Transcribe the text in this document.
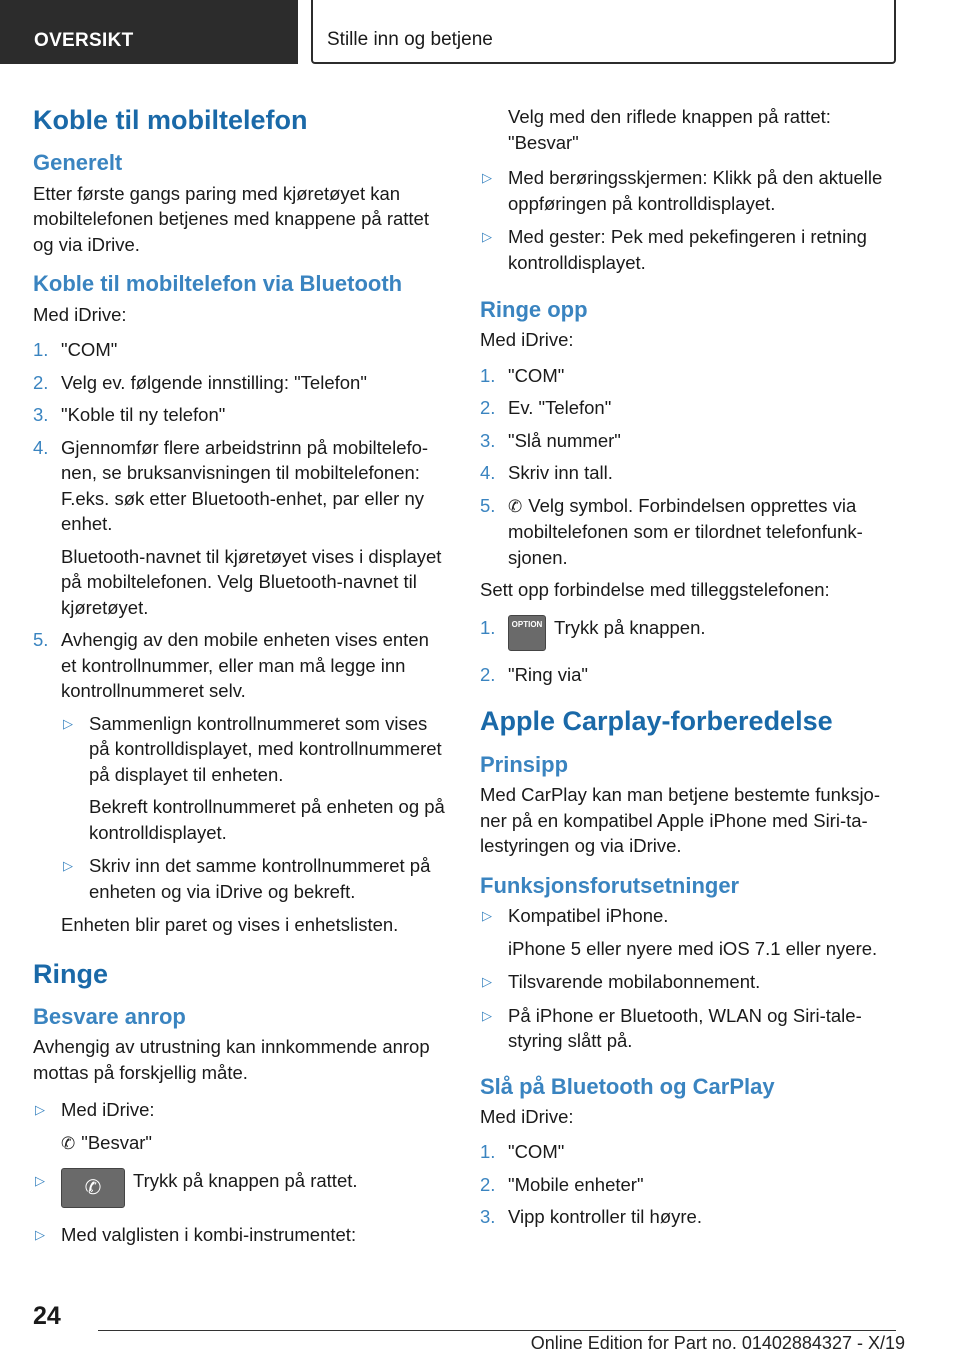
OVERSIKT	Stille inn og betjene
Koble til mobiltelefon
Generelt
Etter første gangs paring med kjøretøyet kan mobiltelefonen betjenes med knappene på rattet og via iDrive.
Koble til mobiltelefon via Bluetooth
Med iDrive:
1. "COM"
2. Velg ev. følgende innstilling: "Telefon"
3. "Koble til ny telefon"
4. Gjennomfør flere arbeidstrinn på mobiltelefonen, se bruksanvisningen til mobiltelefonen: F.eks. søk etter Bluetooth-enhet, par eller ny enhet.
Bluetooth-navnet til kjøretøyet vises i displayet på mobiltelefonen. Velg Bluetooth-navnet til kjøretøyet.
5. Avhengig av den mobile enheten vises enten et kontrollnummer, eller man må legge inn kontrollnummeret selv.
▷ Sammenlign kontrollnummeret som vises på kontrolldisplayet, med kontrollnummeret på displayet til enheten.
Bekreft kontrollnummeret på enheten og på kontrolldisplayet.
▷ Skriv inn det samme kontrollnummeret på enheten og via iDrive og bekreft.
Enheten blir paret og vises i enhetslisten.
Ringe
Besvare anrop
Avhengig av utrustning kan innkommende anrop mottas på forskjellig måte.
▷ Med iDrive:
✆ "Besvar"
▷ ✆ Trykk på knappen på rattet.
▷ Med valglisten i kombi-instrumentet:
Velg med den riflede knappen på rattet: "Besvar"
▷ Med berøringsskjermen: Klikk på den aktuelle oppføringen på kontrolldisplayet.
▷ Med gester: Pek med pekefingeren i retning kontrolldisplayet.
Ringe opp
Med iDrive:
1. "COM"
2. Ev. "Telefon"
3. "Slå nummer"
4. Skriv inn tall.
5. ✆ Velg symbol. Forbindelsen opprettes via mobiltelefonen som er tilordnet telefonfunksjonen.
Sett opp forbindelse med tilleggstelefonen:
1. OPTION Trykk på knappen.
2. "Ring via"
Apple Carplay-forberedelse
Prinsipp
Med CarPlay kan man betjene bestemte funksjoner på en kompatibel Apple iPhone med Siri-talestyringen og via iDrive.
Funksjonsforutsetninger
▷ Kompatibel iPhone.
iPhone 5 eller nyere med iOS 7.1 eller nyere.
▷ Tilsvarende mobilabonnement.
▷ På iPhone er Bluetooth, WLAN og Siri-talestyring slått på.
Slå på Bluetooth og CarPlay
Med iDrive:
1. "COM"
2. "Mobile enheter"
3. Vipp kontroller til høyre.
24
Online Edition for Part no. 01402884327 - X/19
